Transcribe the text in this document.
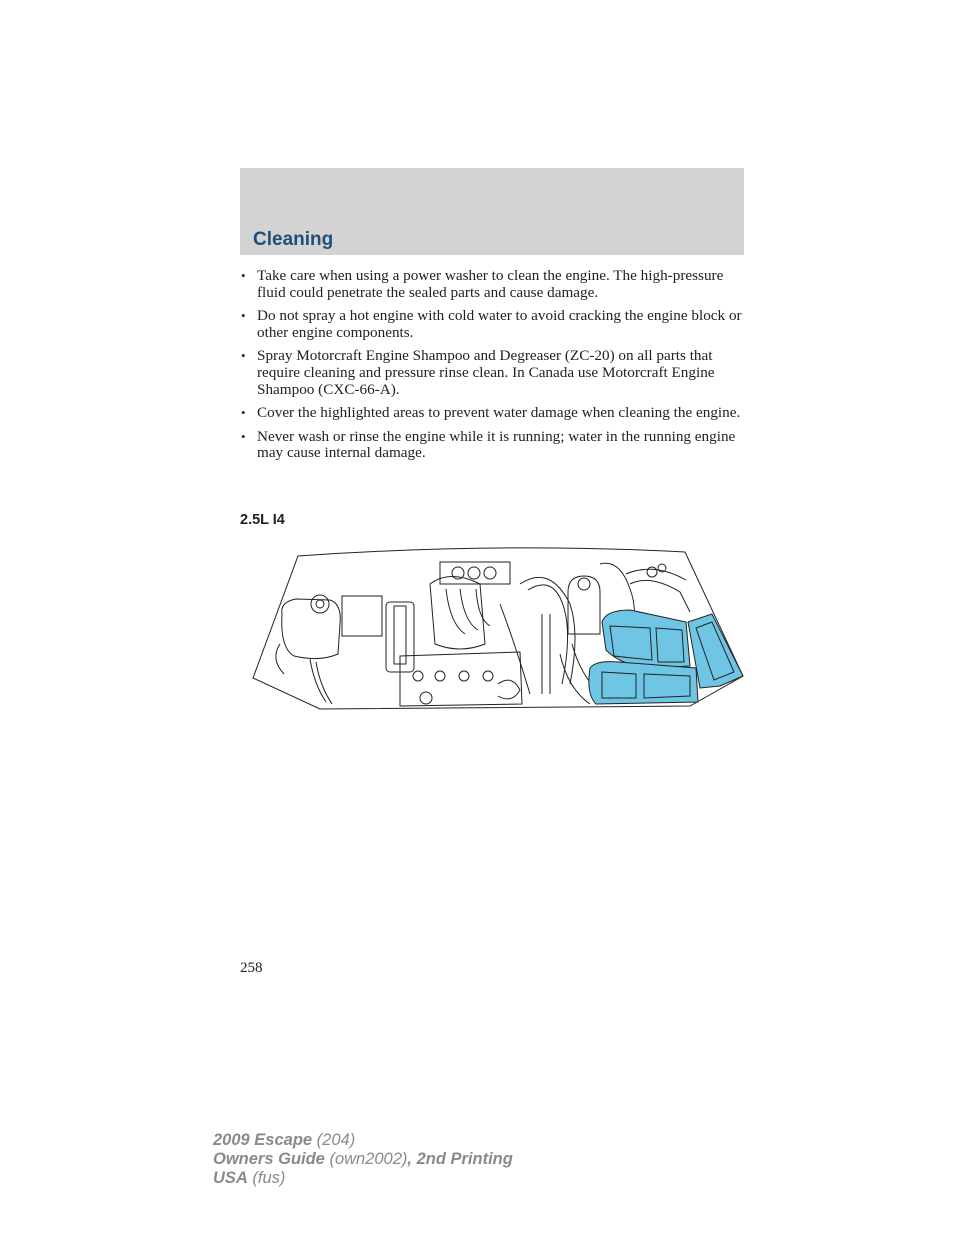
Cleaning
• Take care when using a power washer to clean the engine. The high-pressure fluid could penetrate the sealed parts and cause damage.
• Do not spray a hot engine with cold water to avoid cracking the engine block or other engine components.
• Spray Motorcraft Engine Shampoo and Degreaser (ZC-20) on all parts that require cleaning and pressure rinse clean. In Canada use Motorcraft Engine Shampoo (CXC-66-A).
• Cover the highlighted areas to prevent water damage when cleaning the engine.
• Never wash or rinse the engine while it is running; water in the running engine may cause internal damage.
2.5L I4
258
2009 Escape (204)
Owners Guide (own2002), 2nd Printing
USA (fus)
